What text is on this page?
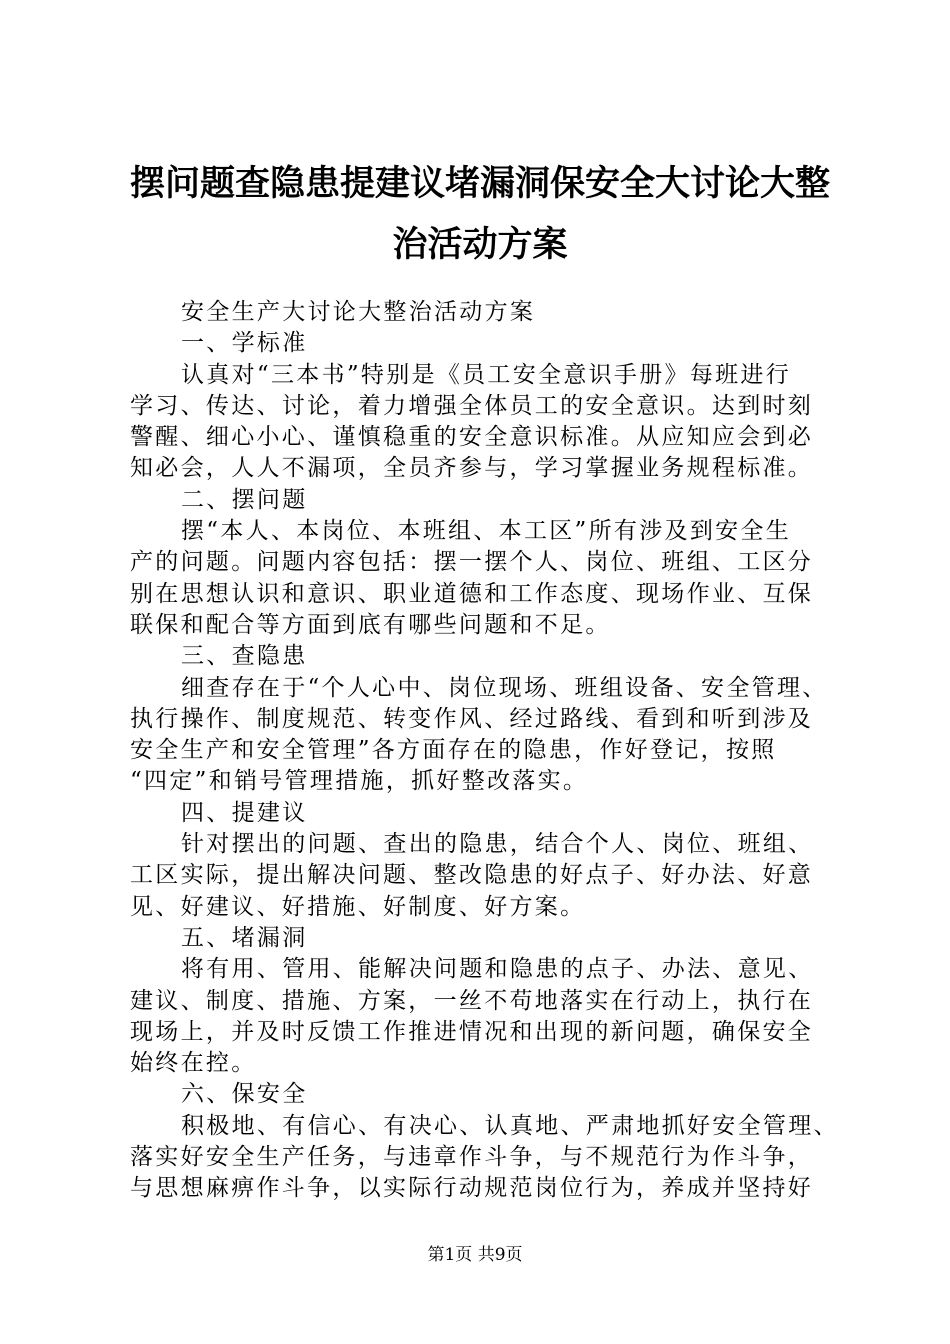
摆问题查隐患提建议堵漏洞保安全大讨论大整
治活动方案
安全生产大讨论大整治活动方案
一、学标准
认真对“三本书”特别是《员工安全意识手册》每班进行
学习、传达、讨论，着力增强全体员工的安全意识。达到时刻
警醒、细心小心、谨慎稳重的安全意识标准。从应知应会到必
知必会，人人不漏项，全员齐参与，学习掌握业务规程标准。
二、摆问题
摆“本人、本岗位、本班组、本工区”所有涉及到安全生
产的问题。问题内容包括：摆一摆个人、岗位、班组、工区分
别在思想认识和意识、职业道德和工作态度、现场作业、互保
联保和配合等方面到底有哪些问题和不足。
三、查隐患
细查存在于“个人心中、岗位现场、班组设备、安全管理、
执行操作、制度规范、转变作风、经过路线、看到和听到涉及
安全生产和安全管理”各方面存在的隐患，作好登记，按照
“四定”和销号管理措施，抓好整改落实。
四、提建议
针对摆出的问题、查出的隐患，结合个人、岗位、班组、
工区实际，提出解决问题、整改隐患的好点子、好办法、好意
见、好建议、好措施、好制度、好方案。
五、堵漏洞
将有用、管用、能解决问题和隐患的点子、办法、意见、
建议、制度、措施、方案，一丝不苟地落实在行动上，执行在
现场上，并及时反馈工作推进情况和出现的新问题，确保安全
始终在控。
六、保安全
积极地、有信心、有决心、认真地、严肃地抓好安全管理、
落实好安全生产任务，与违章作斗争，与不规范行为作斗争，
与思想麻痹作斗争，以实际行动规范岗位行为，养成并坚持好
第1页 共9页
